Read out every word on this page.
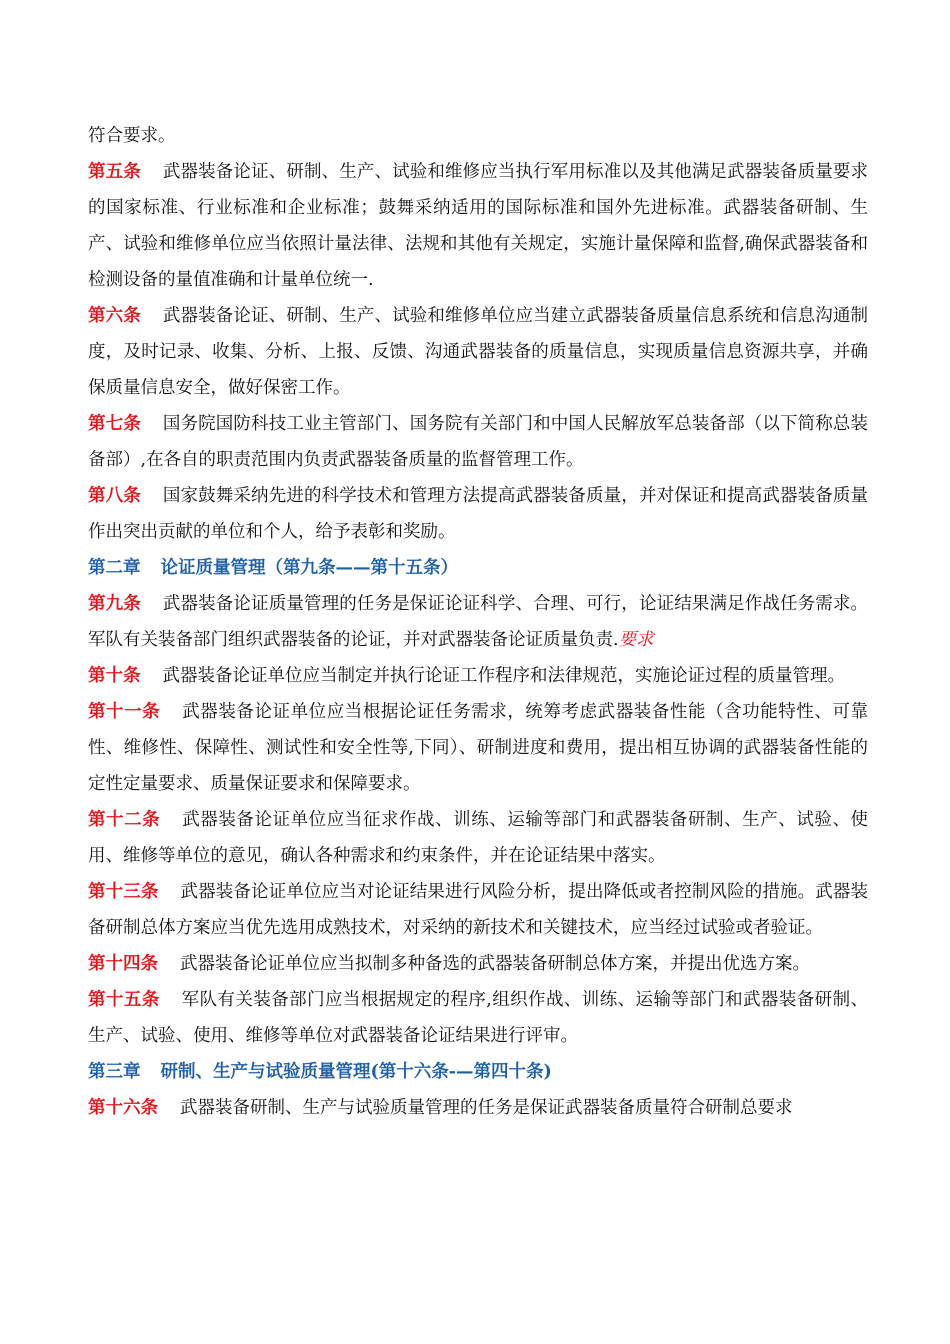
符合要求。

第五条 武器装备论证、研制、生产、试验和维修应当执行军用标准以及其他满足武器装备质量要求的国家标准、行业标准和企业标准；鼓舞采纳适用的国际标准和国外先进标准。武器装备研制、生产、试验和维修单位应当依照计量法律、法规和其他有关规定，实施计量保障和监督,确保武器装备和检测设备的量值准确和计量单位统一.

第六条 武器装备论证、研制、生产、试验和维修单位应当建立武器装备质量信息系统和信息沟通制度，及时记录、收集、分析、上报、反馈、沟通武器装备的质量信息，实现质量信息资源共享，并确保质量信息安全，做好保密工作。

第七条 国务院国防科技工业主管部门、国务院有关部门和中国人民解放军总装备部（以下简称总装备部）,在各自的职责范围内负责武器装备质量的监督管理工作。

第八条 国家鼓舞采纳先进的科学技术和管理方法提高武器装备质量，并对保证和提高武器装备质量作出突出贡献的单位和个人，给予表彰和奖励。

第二章 论证质量管理（第九条——第十五条）

第九条 武器装备论证质量管理的任务是保证论证科学、合理、可行，论证结果满足作战任务需求。军队有关装备部门组织武器装备的论证，并对武器装备论证质量负责.要求

第十条 武器装备论证单位应当制定并执行论证工作程序和法律规范，实施论证过程的质量管理。

第十一条 武器装备论证单位应当根据论证任务需求，统筹考虑武器装备性能（含功能特性、可靠性、维修性、保障性、测试性和安全性等,下同）、研制进度和费用，提出相互协调的武器装备性能的定性定量要求、质量保证要求和保障要求。

第十二条 武器装备论证单位应当征求作战、训练、运输等部门和武器装备研制、生产、试验、使用、维修等单位的意见，确认各种需求和约束条件，并在论证结果中落实。

第十三条 武器装备论证单位应当对论证结果进行风险分析，提出降低或者控制风险的措施。武器装备研制总体方案应当优先选用成熟技术，对采纳的新技术和关键技术，应当经过试验或者验证。

第十四条 武器装备论证单位应当拟制多种备选的武器装备研制总体方案，并提出优选方案。

第十五条 军队有关装备部门应当根据规定的程序,组织作战、训练、运输等部门和武器装备研制、生产、试验、使用、维修等单位对武器装备论证结果进行评审。

第三章 研制、生产与试验质量管理(第十六条-—第四十条)

第十六条 武器装备研制、生产与试验质量管理的任务是保证武器装备质量符合研制总要求
